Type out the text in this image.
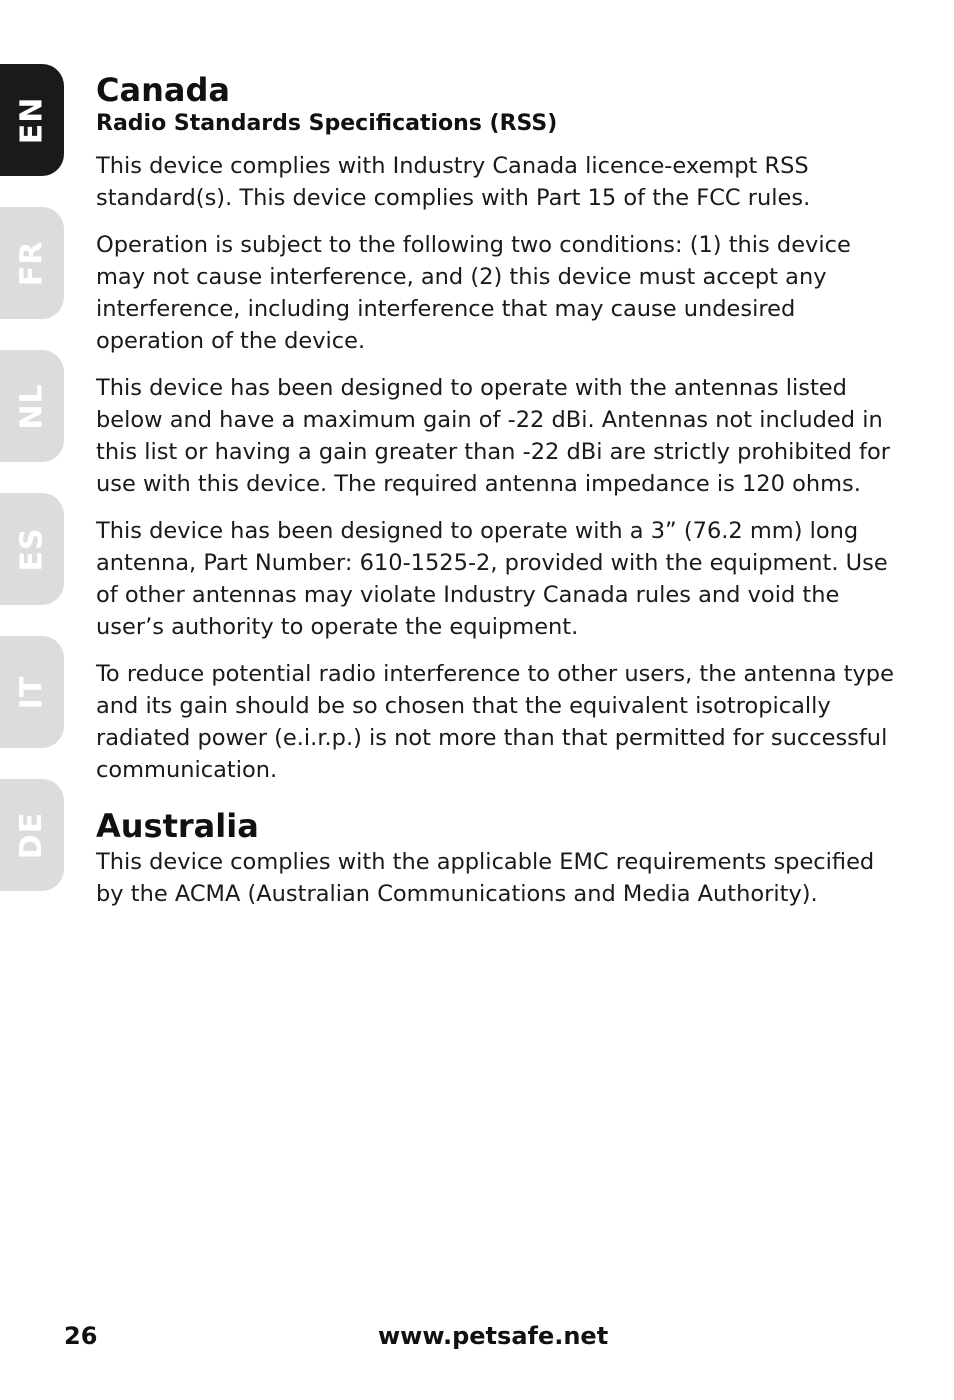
EN
FR
NL
ES
IT
DE
Canada
Radio Standards Specifications (RSS)

This device complies with Industry Canada licence-exempt RSS standard(s). This device complies with Part 15 of the FCC rules.

Operation is subject to the following two conditions: (1) this device may not cause interference, and (2) this device must accept any interference, including interference that may cause undesired operation of the device.

This device has been designed to operate with the antennas listed below and have a maximum gain of -22 dBi. Antennas not included in this list or having a gain greater than -22 dBi are strictly prohibited for use with this device. The required antenna impedance is 120 ohms.

This device has been designed to operate with a 3” (76.2 mm) long antenna, Part Number: 610-1525-2, provided with the equipment. Use of other antennas may violate Industry Canada rules and void the user’s authority to operate the equipment.

To reduce potential radio interference to other users, the antenna type and its gain should be so chosen that the equivalent isotropically radiated power (e.i.r.p.) is not more than that permitted for successful communication.

Australia

This device complies with the applicable EMC requirements specified by the ACMA (Australian Communications and Media Authority).

26	www.petsafe.net
